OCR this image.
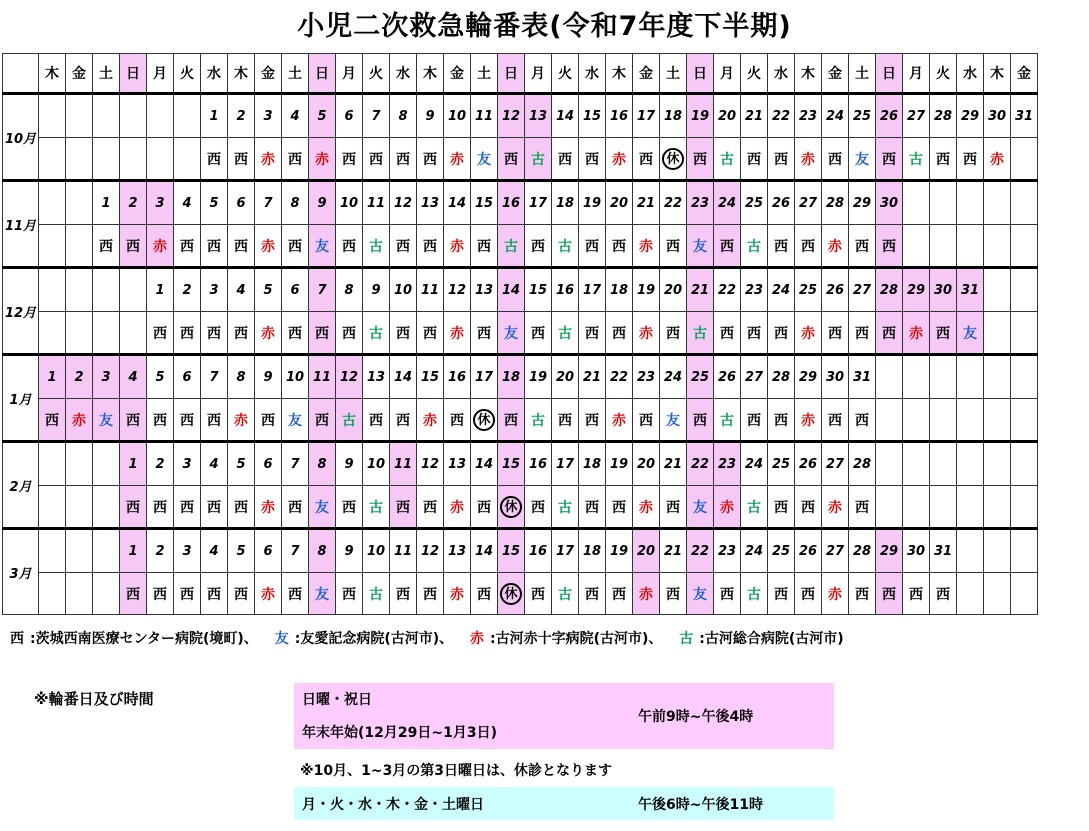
小児二次救急輪番表(令和7年度下半期)
	木	金	土	日	月	火	水	木	金	土	日	月	火	水	木	金	土	日	月	火	水	木	金	土	日	月	火	水	木	金	土	日	月	火	水	木	金
10月							1	2	3	4	5	6	7	8	9	10	11	12	13	14	15	16	17	18	19	20	21	22	23	24	25	26	27	28	29	30	31
							西	西	赤	西	赤	西	西	西	西	赤	友	西	古	西	西	赤	西	休	西	古	西	西	赤	西	友	西	古	西	西	赤	
11月			1	2	3	4	5	6	7	8	9	10	11	12	13	14	15	16	17	18	19	20	21	22	23	24	25	26	27	28	29	30					
			西	西	赤	西	西	西	赤	西	友	西	古	西	西	赤	西	古	西	古	西	西	赤	西	友	西	古	西	西	赤	西	西					
12月					1	2	3	4	5	6	7	8	9	10	11	12	13	14	15	16	17	18	19	20	21	22	23	24	25	26	27	28	29	30	31		
					西	西	西	西	赤	西	西	西	古	西	西	赤	西	友	西	古	西	西	赤	西	古	西	西	西	赤	西	西	西	赤	西	友		
1月	1	2	3	4	5	6	7	8	9	10	11	12	13	14	15	16	17	18	19	20	21	22	23	24	25	26	27	28	29	30	31						
	西	赤	友	西	西	西	西	赤	西	友	西	古	西	西	赤	西	休	西	古	西	西	赤	西	友	西	古	西	西	赤	西	西						
2月				1	2	3	4	5	6	7	8	9	10	11	12	13	14	15	16	17	18	19	20	21	22	23	24	25	26	27	28						
				西	西	西	西	西	赤	西	友	西	古	西	西	赤	西	休	西	古	西	西	赤	西	友	赤	古	西	西	赤	西						
3月				1	2	3	4	5	6	7	8	9	10	11	12	13	14	15	16	17	18	19	20	21	22	23	24	25	26	27	28	29	30	31			
				西	西	西	西	西	赤	西	友	西	古	西	西	赤	西	休	西	古	西	西	赤	西	友	西	古	西	西	赤	西	西	西	西			
西 :茨城西南医療センター病院(境町)、 友 :友愛記念病院(古河市)、 赤 :古河赤十字病院(古河市)、 古 :古河総合病院(古河市)
※輪番日及び時間	日曜・祝日
年末年始(12月29日~1月3日)
午前9時~午後4時
※10月、1~3月の第3日曜日は、休診となります
月・火・水・木・金・土曜日	午後6時~午後11時
